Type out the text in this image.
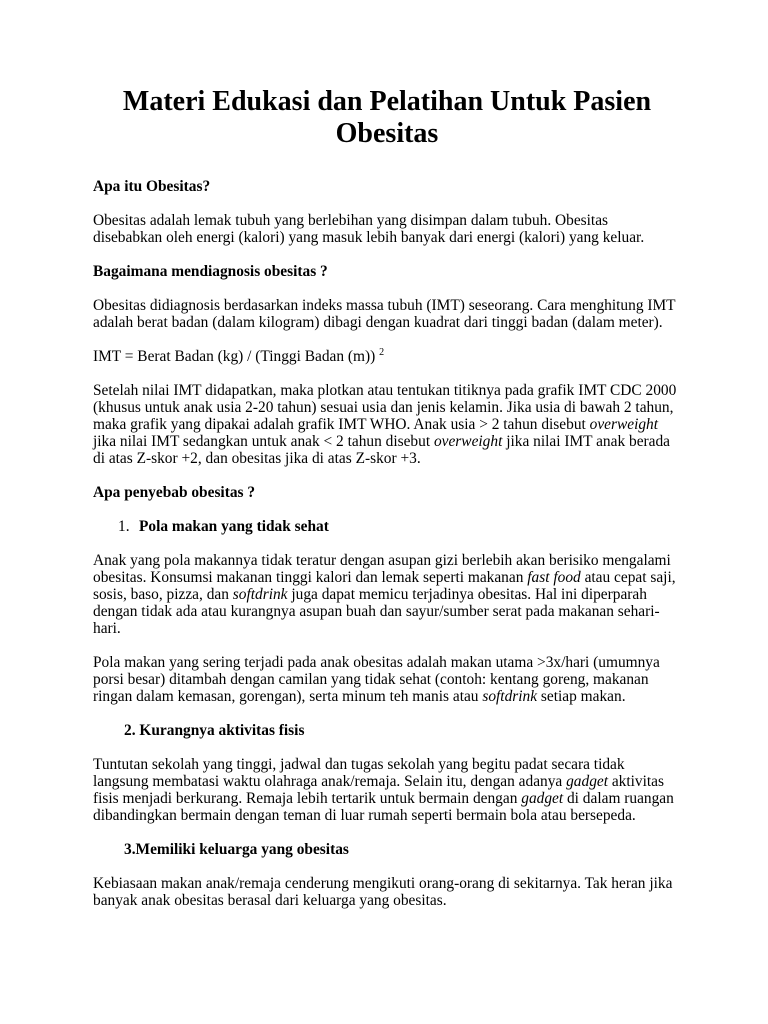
Materi Edukasi dan Pelatihan Untuk Pasien Obesitas
Apa itu Obesitas?
Obesitas adalah lemak tubuh yang berlebihan yang disimpan dalam tubuh. Obesitas disebabkan oleh energi (kalori) yang masuk lebih banyak dari energi (kalori) yang keluar.
Bagaimana mendiagnosis obesitas ?
Obesitas didiagnosis berdasarkan indeks massa tubuh (IMT) seseorang. Cara menghitung IMT adalah berat badan (dalam kilogram) dibagi dengan kuadrat dari tinggi badan (dalam meter).
IMT = Berat Badan (kg) / (Tinggi Badan (m)) $^2$
Setelah nilai IMT didapatkan, maka plotkan atau tentukan titiknya pada grafik IMT CDC 2000 (khusus untuk anak usia 2-20 tahun) sesuai usia dan jenis kelamin. Jika usia di bawah 2 tahun, maka grafik yang dipakai adalah grafik IMT WHO. Anak usia > 2 tahun disebut overweight jika nilai IMT sedangkan untuk anak < 2 tahun disebut overweight jika nilai IMT anak berada di atas Z-skor +2, dan obesitas jika di atas Z-skor +3.
Apa penyebab obesitas ?
1. Pola makan yang tidak sehat
Anak yang pola makannya tidak teratur dengan asupan gizi berlebih akan berisiko mengalami obesitas. Konsumsi makanan tinggi kalori dan lemak seperti makanan fast food atau cepat saji, sosis, baso, pizza, dan softdrink juga dapat memicu terjadinya obesitas. Hal ini diperparah dengan tidak ada atau kurangnya asupan buah dan sayur/sumber serat pada makanan sehari-hari.
Pola makan yang sering terjadi pada anak obesitas adalah makan utama >3x/hari (umumnya porsi besar) ditambah dengan camilan yang tidak sehat (contoh: kentang goreng, makanan ringan dalam kemasan, gorengan), serta minum teh manis atau softdrink setiap makan.
2. Kurangnya aktivitas fisis
Tuntutan sekolah yang tinggi, jadwal dan tugas sekolah yang begitu padat secara tidak langsung membatasi waktu olahraga anak/remaja. Selain itu, dengan adanya gadget aktivitas fisis menjadi berkurang. Remaja lebih tertarik untuk bermain dengan gadget di dalam ruangan dibandingkan bermain dengan teman di luar rumah seperti bermain bola atau bersepeda.
3.Memiliki keluarga yang obesitas
Kebiasaan makan anak/remaja cenderung mengikuti orang-orang di sekitarnya. Tak heran jika banyak anak obesitas berasal dari keluarga yang obesitas.
